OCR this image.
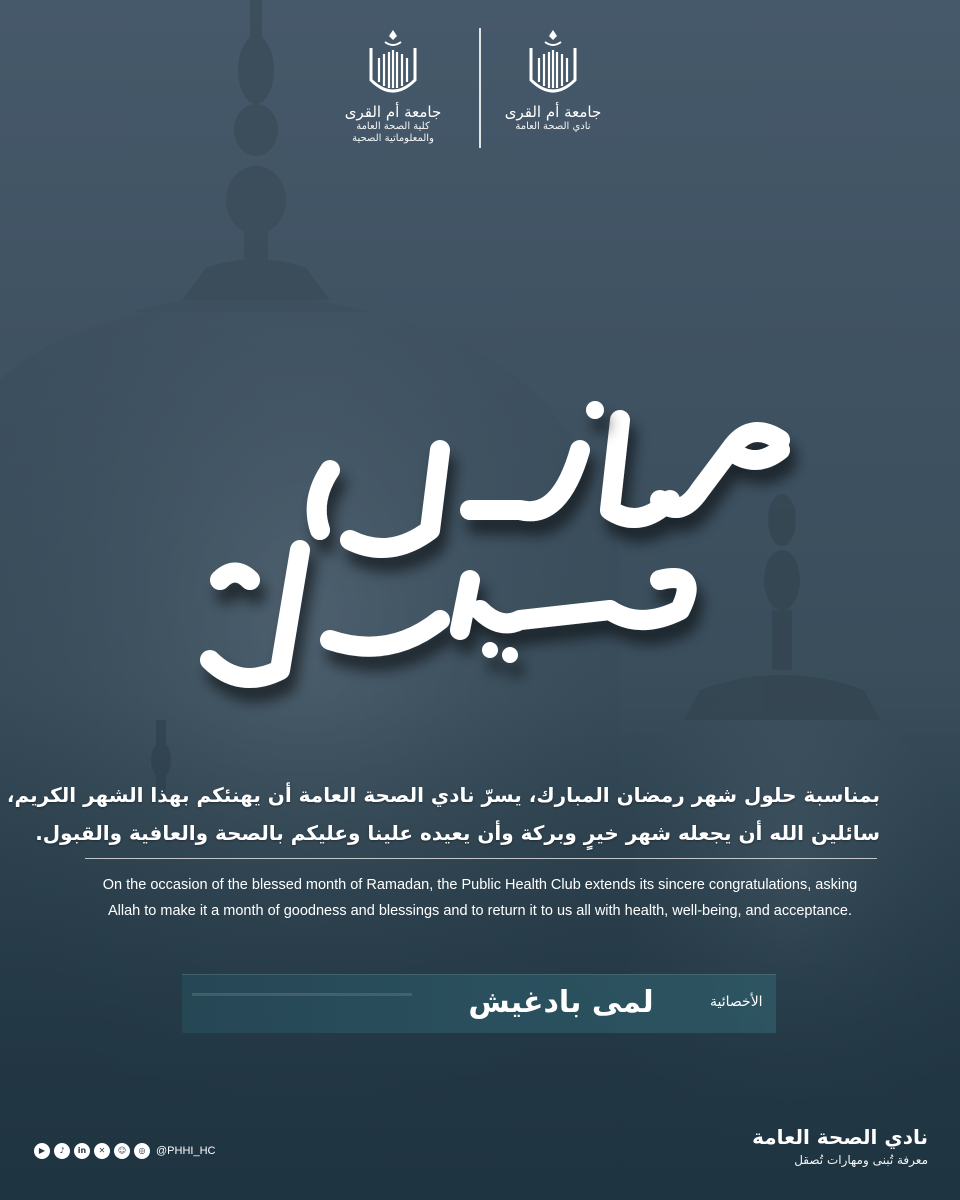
جامعة أم القرى
كلية الصحة العامة
والمعلوماتية الصحية
جامعة أم القرى
نادي الصحة العامة
بمناسبة حلول شهر رمضان المبارك، يسرّ نادي الصحة العامة أن يهنئكم بهذا الشهر الكريم،
سائلين الله أن يجعله شهر خيرٍ وبركة وأن يعيده علينا وعليكم بالصحة والعافية والقبول.
On the occasion of the blessed month of Ramadan, the Public Health Club extends its sincere congratulations, asking
Allah to make it a month of goodness and blessings and to return it to us all with health, well-being, and acceptance.
لمى بادغيش	الأخصائية
▶	♪	in	✕	☺	◎ @PHHI_HC
نادي الصحة العامة
معرفة تُبنى ومهارات تُصقل
